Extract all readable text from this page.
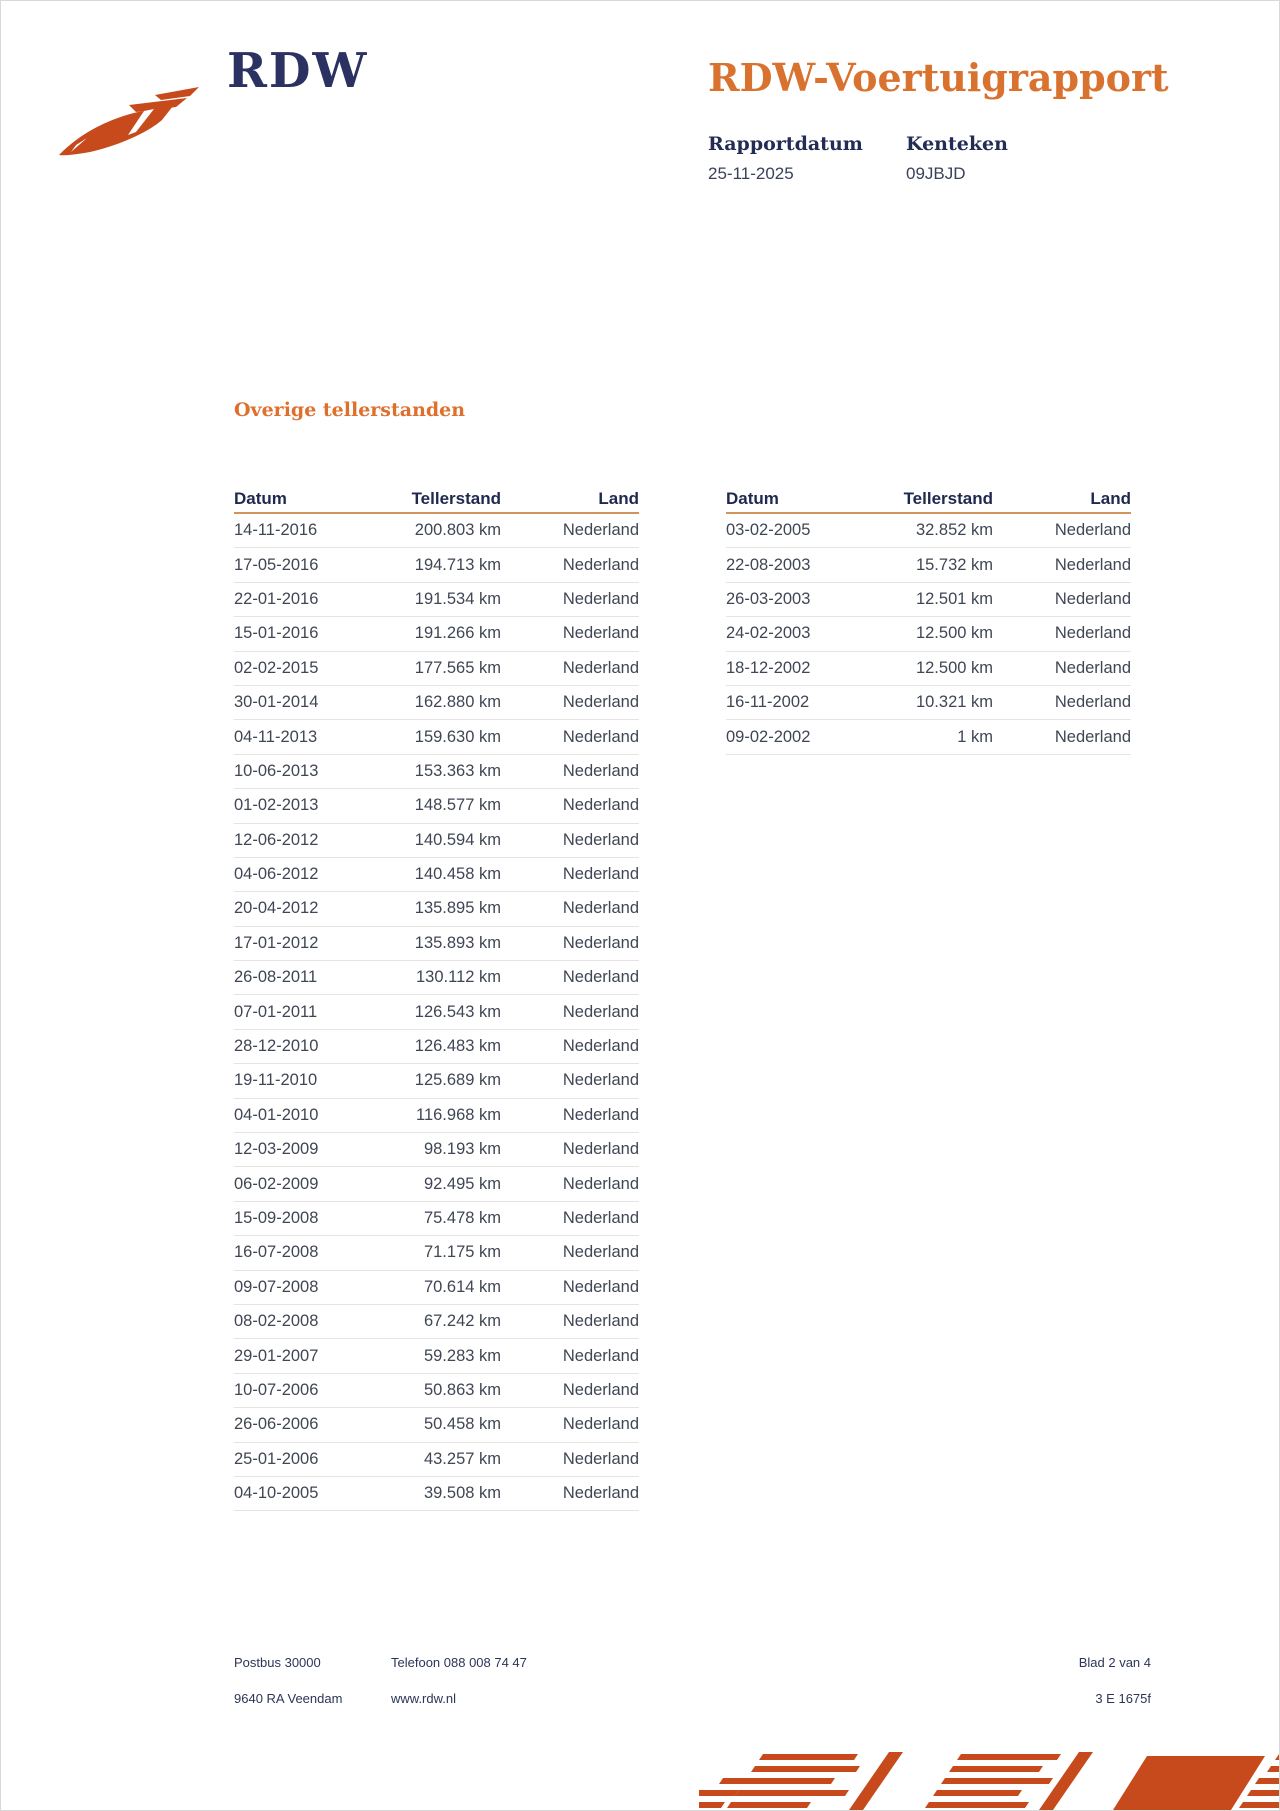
RDW	RDW-Voertuigrapport
Rapportdatum Kenteken
25-11-2025	09JBJD
Overige tellerstanden
Datum	Tellerstand	Land
14-11-2016	200.803 km	Nederland
17-05-2016	194.713 km	Nederland
22-01-2016	191.534 km	Nederland
15-01-2016	191.266 km	Nederland
02-02-2015	177.565 km	Nederland
30-01-2014	162.880 km	Nederland
04-11-2013	159.630 km	Nederland
10-06-2013	153.363 km	Nederland
01-02-2013	148.577 km	Nederland
12-06-2012	140.594 km	Nederland
04-06-2012	140.458 km	Nederland
20-04-2012	135.895 km	Nederland
17-01-2012	135.893 km	Nederland
26-08-2011	130.112 km	Nederland
07-01-2011	126.543 km	Nederland
28-12-2010	126.483 km	Nederland
19-11-2010	125.689 km	Nederland
04-01-2010	116.968 km	Nederland
12-03-2009	98.193 km	Nederland
06-02-2009	92.495 km	Nederland
15-09-2008	75.478 km	Nederland
16-07-2008	71.175 km	Nederland
09-07-2008	70.614 km	Nederland
08-02-2008	67.242 km	Nederland
29-01-2007	59.283 km	Nederland
10-07-2006	50.863 km	Nederland
26-06-2006	50.458 km	Nederland
25-01-2006	43.257 km	Nederland
04-10-2005	39.508 km	Nederland
Datum	Tellerstand	Land
03-02-2005	32.852 km	Nederland
22-08-2003	15.732 km	Nederland
26-03-2003	12.501 km	Nederland
24-02-2003	12.500 km	Nederland
18-12-2002	12.500 km	Nederland
16-11-2002	10.321 km	Nederland
09-02-2002	1 km	Nederland
Postbus 30000
9640 RA Veendam
Telefoon 088 008 74 47
www.rdw.nl
Blad 2 van 4
3 E 1675f
